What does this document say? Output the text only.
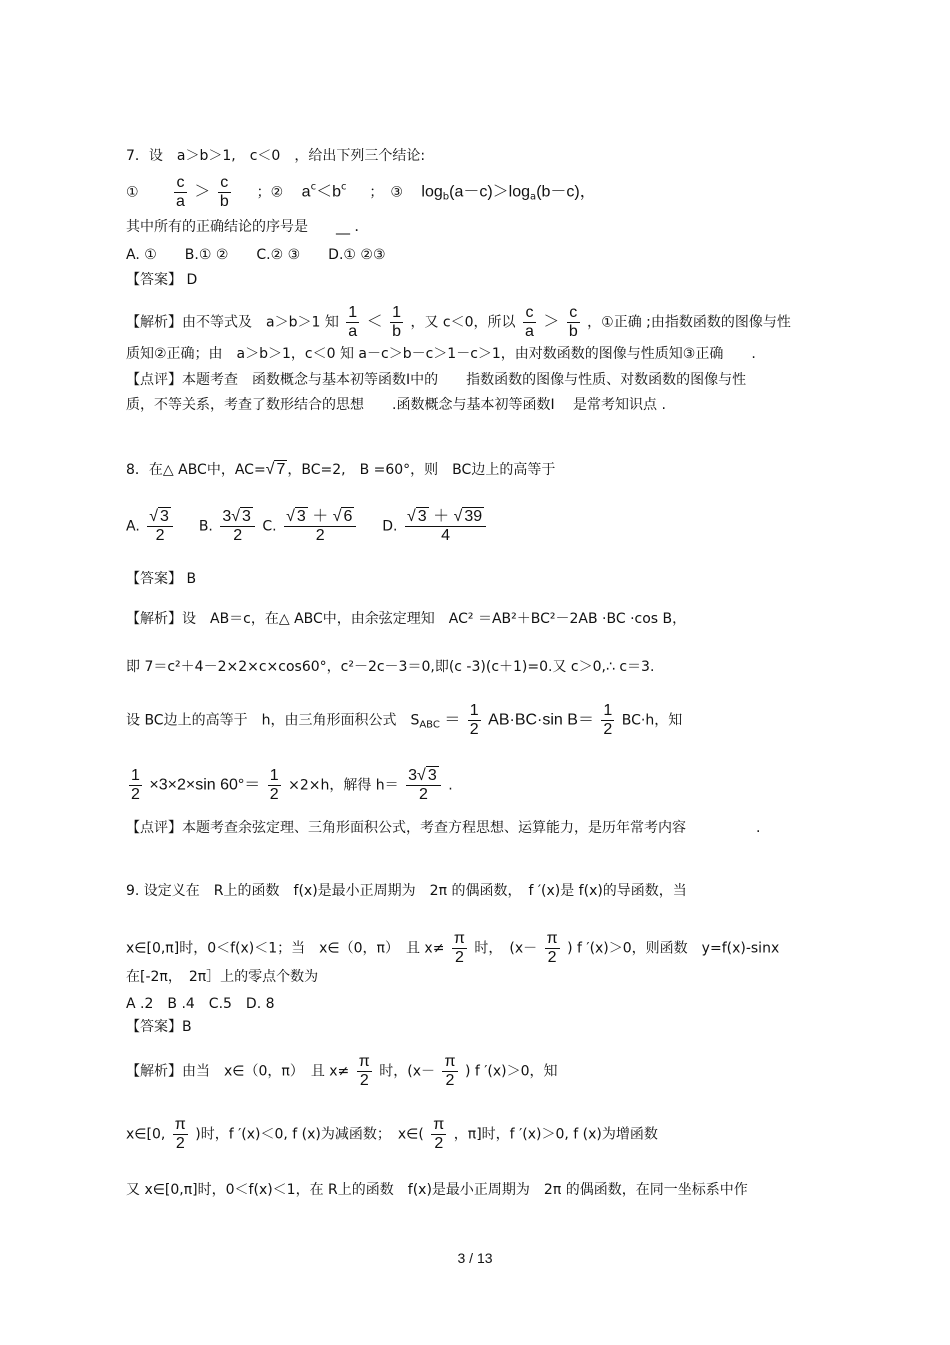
7．设　a＞b＞1,　c＜0　，给出下列三个结论:
① $\frac{c}{a} > \frac{c}{b}$ ；② $a^c<b^c$ ；　③ $\log_b(a-c)>\log_a(b-c)$，
其中所有的正确结论的序号是　　__ ．
A. ①　　B.① ②　　C.② ③　　D.① ②③
【答案】 D
【解析】由不等式及　a＞b＞1 知 $\frac{1}{a} < \frac{1}{b}$ ，又 c＜0，所以 $\frac{c}{a} > \frac{c}{b}$ ，①正确 ;由指数函数的图像与性
质知②正确；由　a＞b＞1，c＜0 知 a－c＞b－c＞1－c＞1，由对数函数的图像与性质知③正确　　.
【点评】本题考查　函数概念与基本初等函数Ⅰ中的　　指数函数的图像与性质、对数函数的图像与性
质，不等关系，考查了数形结合的思想　　.函数概念与基本初等函数Ⅰ　 是常考知识点 .
8．在△ ABC中，AC=√ 7 ，BC=2,　B =60°，则　BC边上的高等于
A. $\frac{√ 3}{2} B$. $\frac{3√ 3}{2} C$. $\frac{√ 3 + √ 6}{2} D$. $\frac{√ 3 + √ 39}{4}$
【答案】 B
【解析】设　AB＝c，在△ ABC中，由余弦定理知　AC² ＝AB²＋BC²－2AB ·BC ·cos B，
即 7＝c²＋4－2×2×c×cos60°，c²－2c－3＝0,即(c -3)(c＋1)=0.又 c＞0,∴ c＝3.
设 BC边上的高等于　h，由三角形面积公式　$S_{ABC} = \frac{1}{2} AB\cdot BC\cdot\sin$ $B= \frac{1}{2} BC\cdot h$，知
$\frac{1}{2} \times 3\times 2\times\sin$ $60^\circ= \frac{1}{2} \times 2\times h$，解得 $h= \frac{3√ 3}{2}$ .
【点评】本题考查余弦定理、三角形面积公式，考查方程思想、运算能力，是历年常考内容　　　　　.
9. 设定义在　R上的函数　f(x)是最小正周期为　2π 的偶函数，　f ′(x)是 f(x)的导函数，当
x∈[0,π]时，0＜f(x)＜1；当　x∈（0，π）　且 $x\ne \frac{\pi}{2}$ 时，　($x- \frac{\pi}{2}$ ) f ′(x)＞0，则函数　y=f(x)-sinx
在[-2π，　2π］上的零点个数为
A .2　B .4　C.5　D. 8
【答案】B
【解析】由当　x∈（0，π）　且 $x\ne \frac{\pi}{2}$ 时，($x- \frac{\pi}{2}$ ) f ′(x)＞0，知
x∈[0, $\frac{\pi}{2}$ )时，f ′(x)＜0, f (x)为减函数；　x∈( $\frac{\pi}{2}$ ，π]时，f ′(x)＞0, f (x)为增函数
又 x∈[0,π]时，0＜f(x)＜1，在 R上的函数　f(x)是最小正周期为　2π 的偶函数，在同一坐标系中作
3 / 13
